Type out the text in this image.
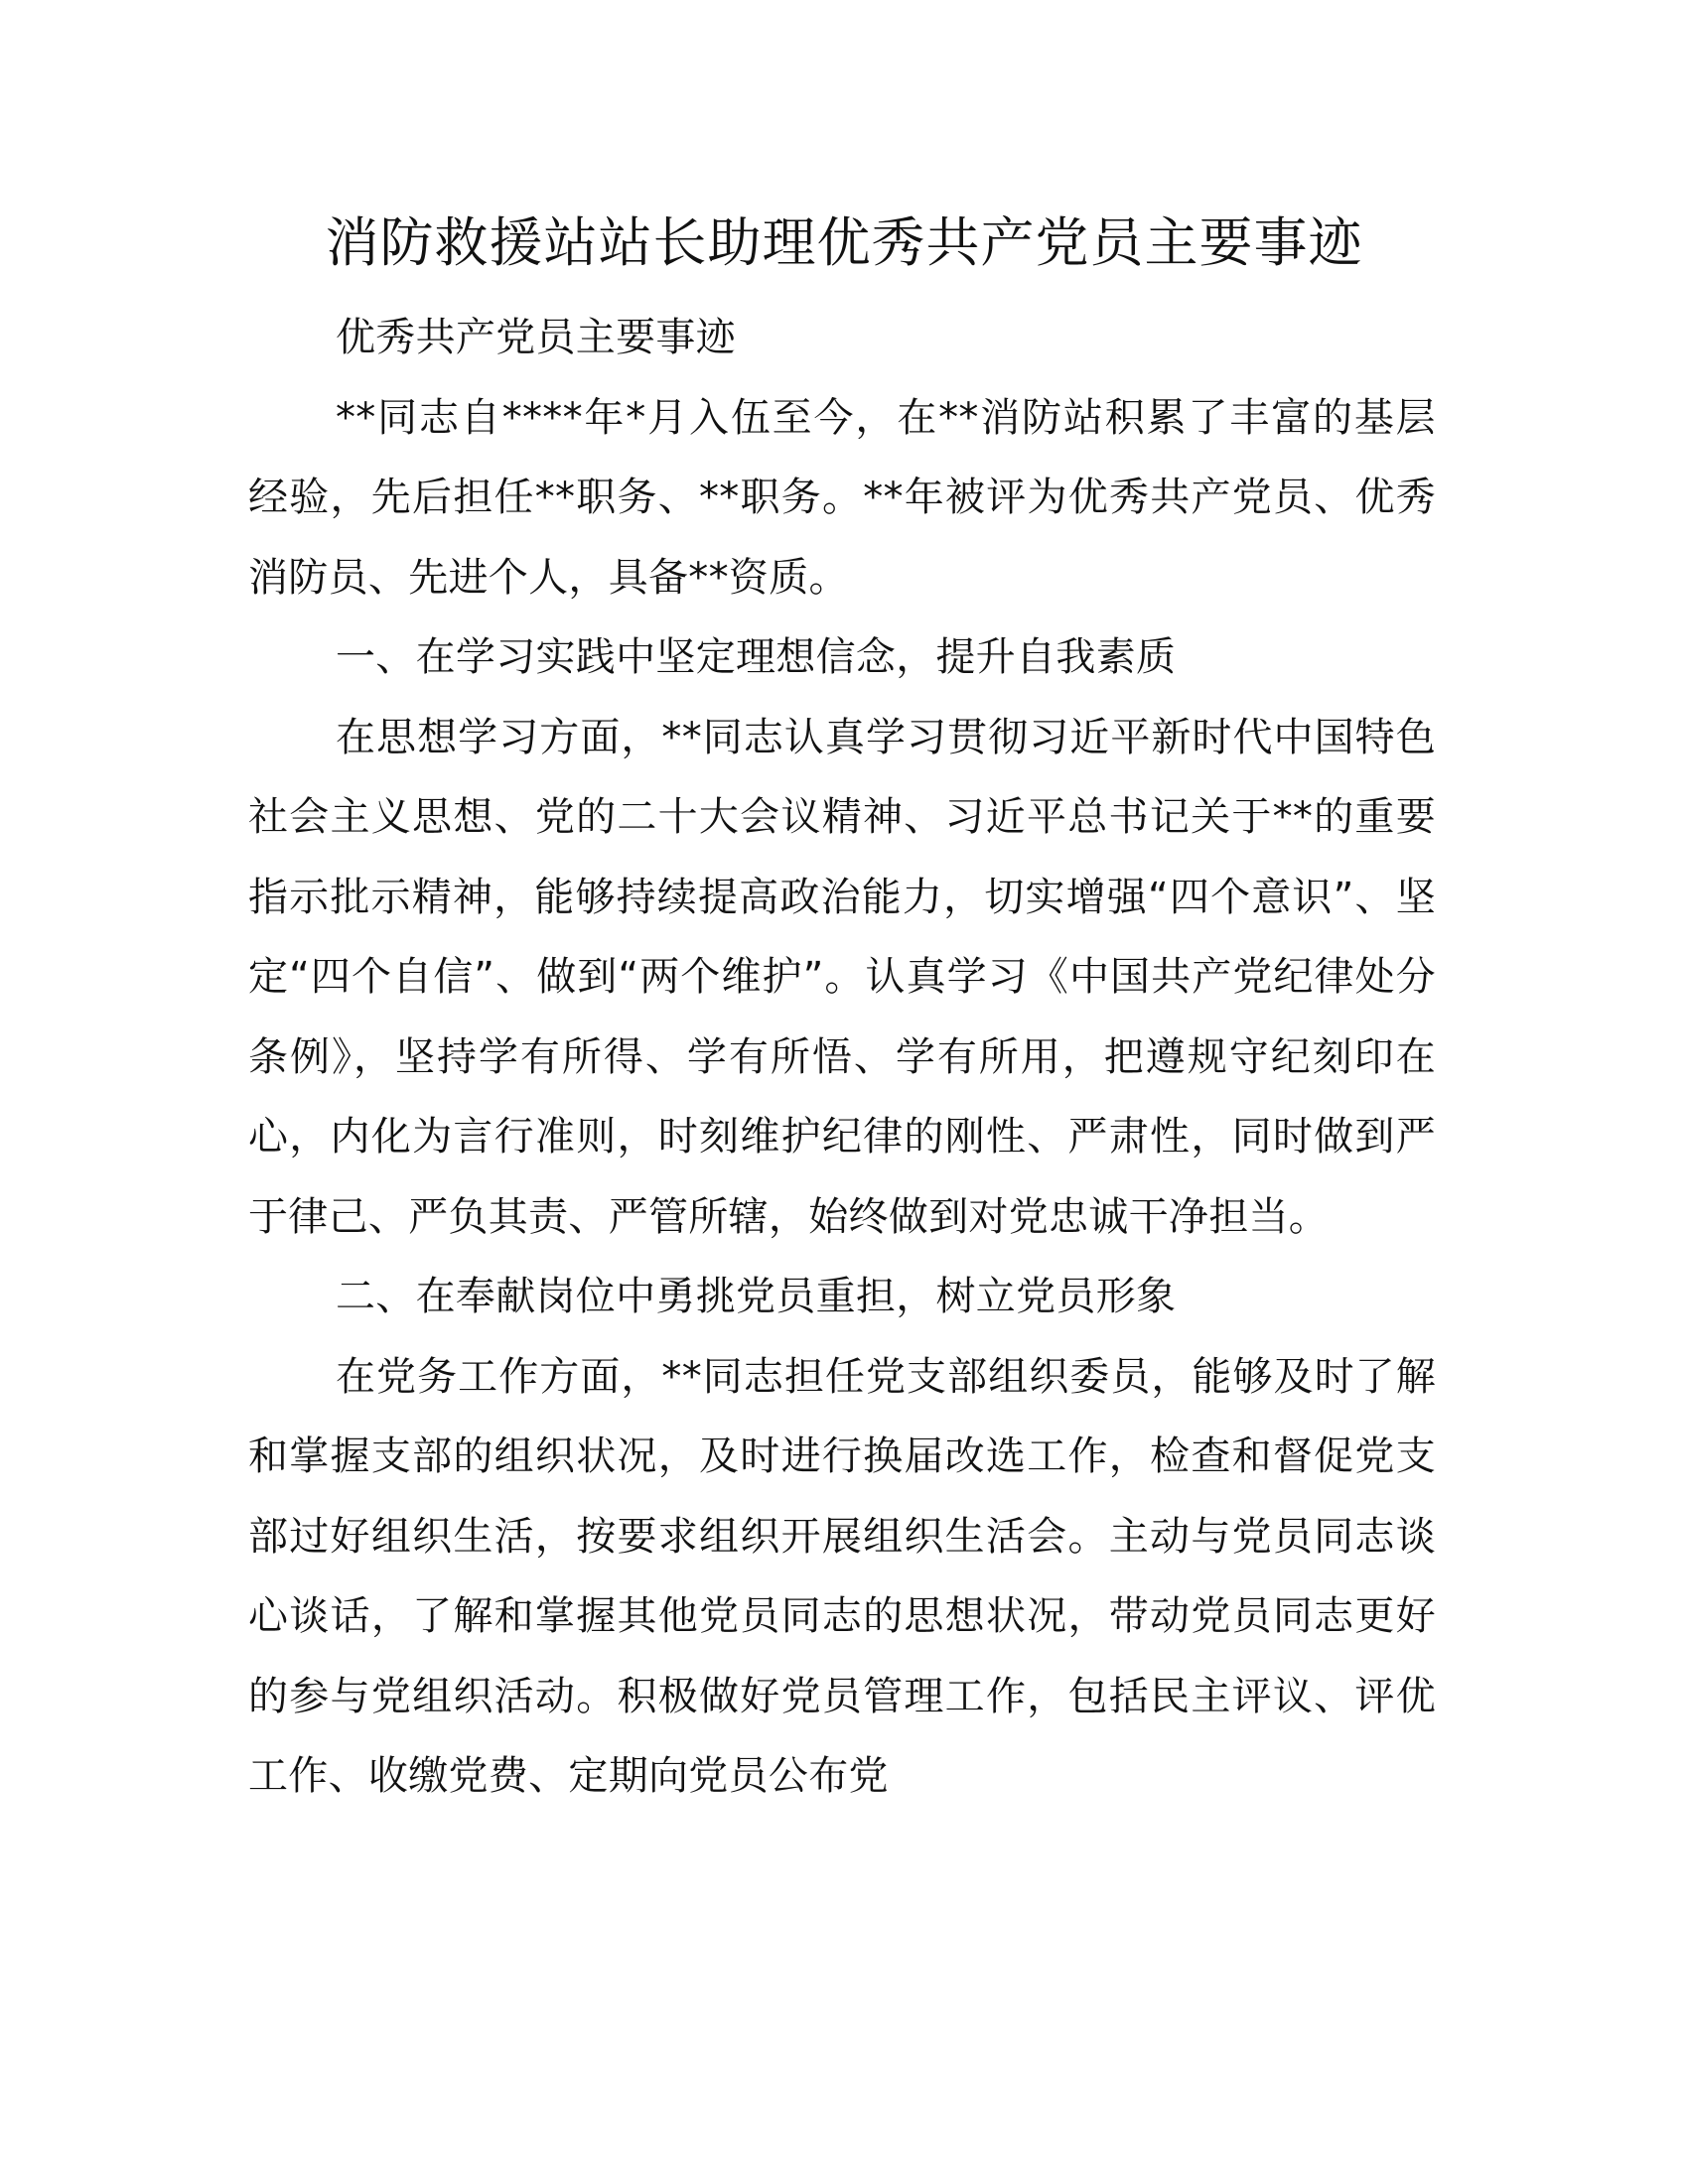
消防救援站站长助理优秀共产党员主要事迹

优秀共产党员主要事迹

**同志自****年*月入伍至今，在**消防站积累了丰富的基层经验，先后担任**职务、**职务。**年被评为优秀共产党员、优秀消防员、先进个人，具备**资质。

一、在学习实践中坚定理想信念，提升自我素质

在思想学习方面，**同志认真学习贯彻习近平新时代中国特色社会主义思想、党的二十大会议精神、习近平总书记关于**的重要指示批示精神，能够持续提高政治能力，切实增强“四个意识”、坚定“四个自信”、做到“两个维护”。认真学习《中国共产党纪律处分条例》，坚持学有所得、学有所悟、学有所用，把遵规守纪刻印在心，内化为言行准则，时刻维护纪律的刚性、严肃性，同时做到严于律己、严负其责、严管所辖，始终做到对党忠诚干净担当。

二、在奉献岗位中勇挑党员重担，树立党员形象

在党务工作方面，**同志担任党支部组织委员，能够及时了解和掌握支部的组织状况，及时进行换届改选工作，检查和督促党支部过好组织生活，按要求组织开展组织生活会。主动与党员同志谈心谈话，了解和掌握其他党员同志的思想状况，带动党员同志更好的参与党组织活动。积极做好党员管理工作，包括民主评议、评优工作、收缴党费、定期向党员公布党
